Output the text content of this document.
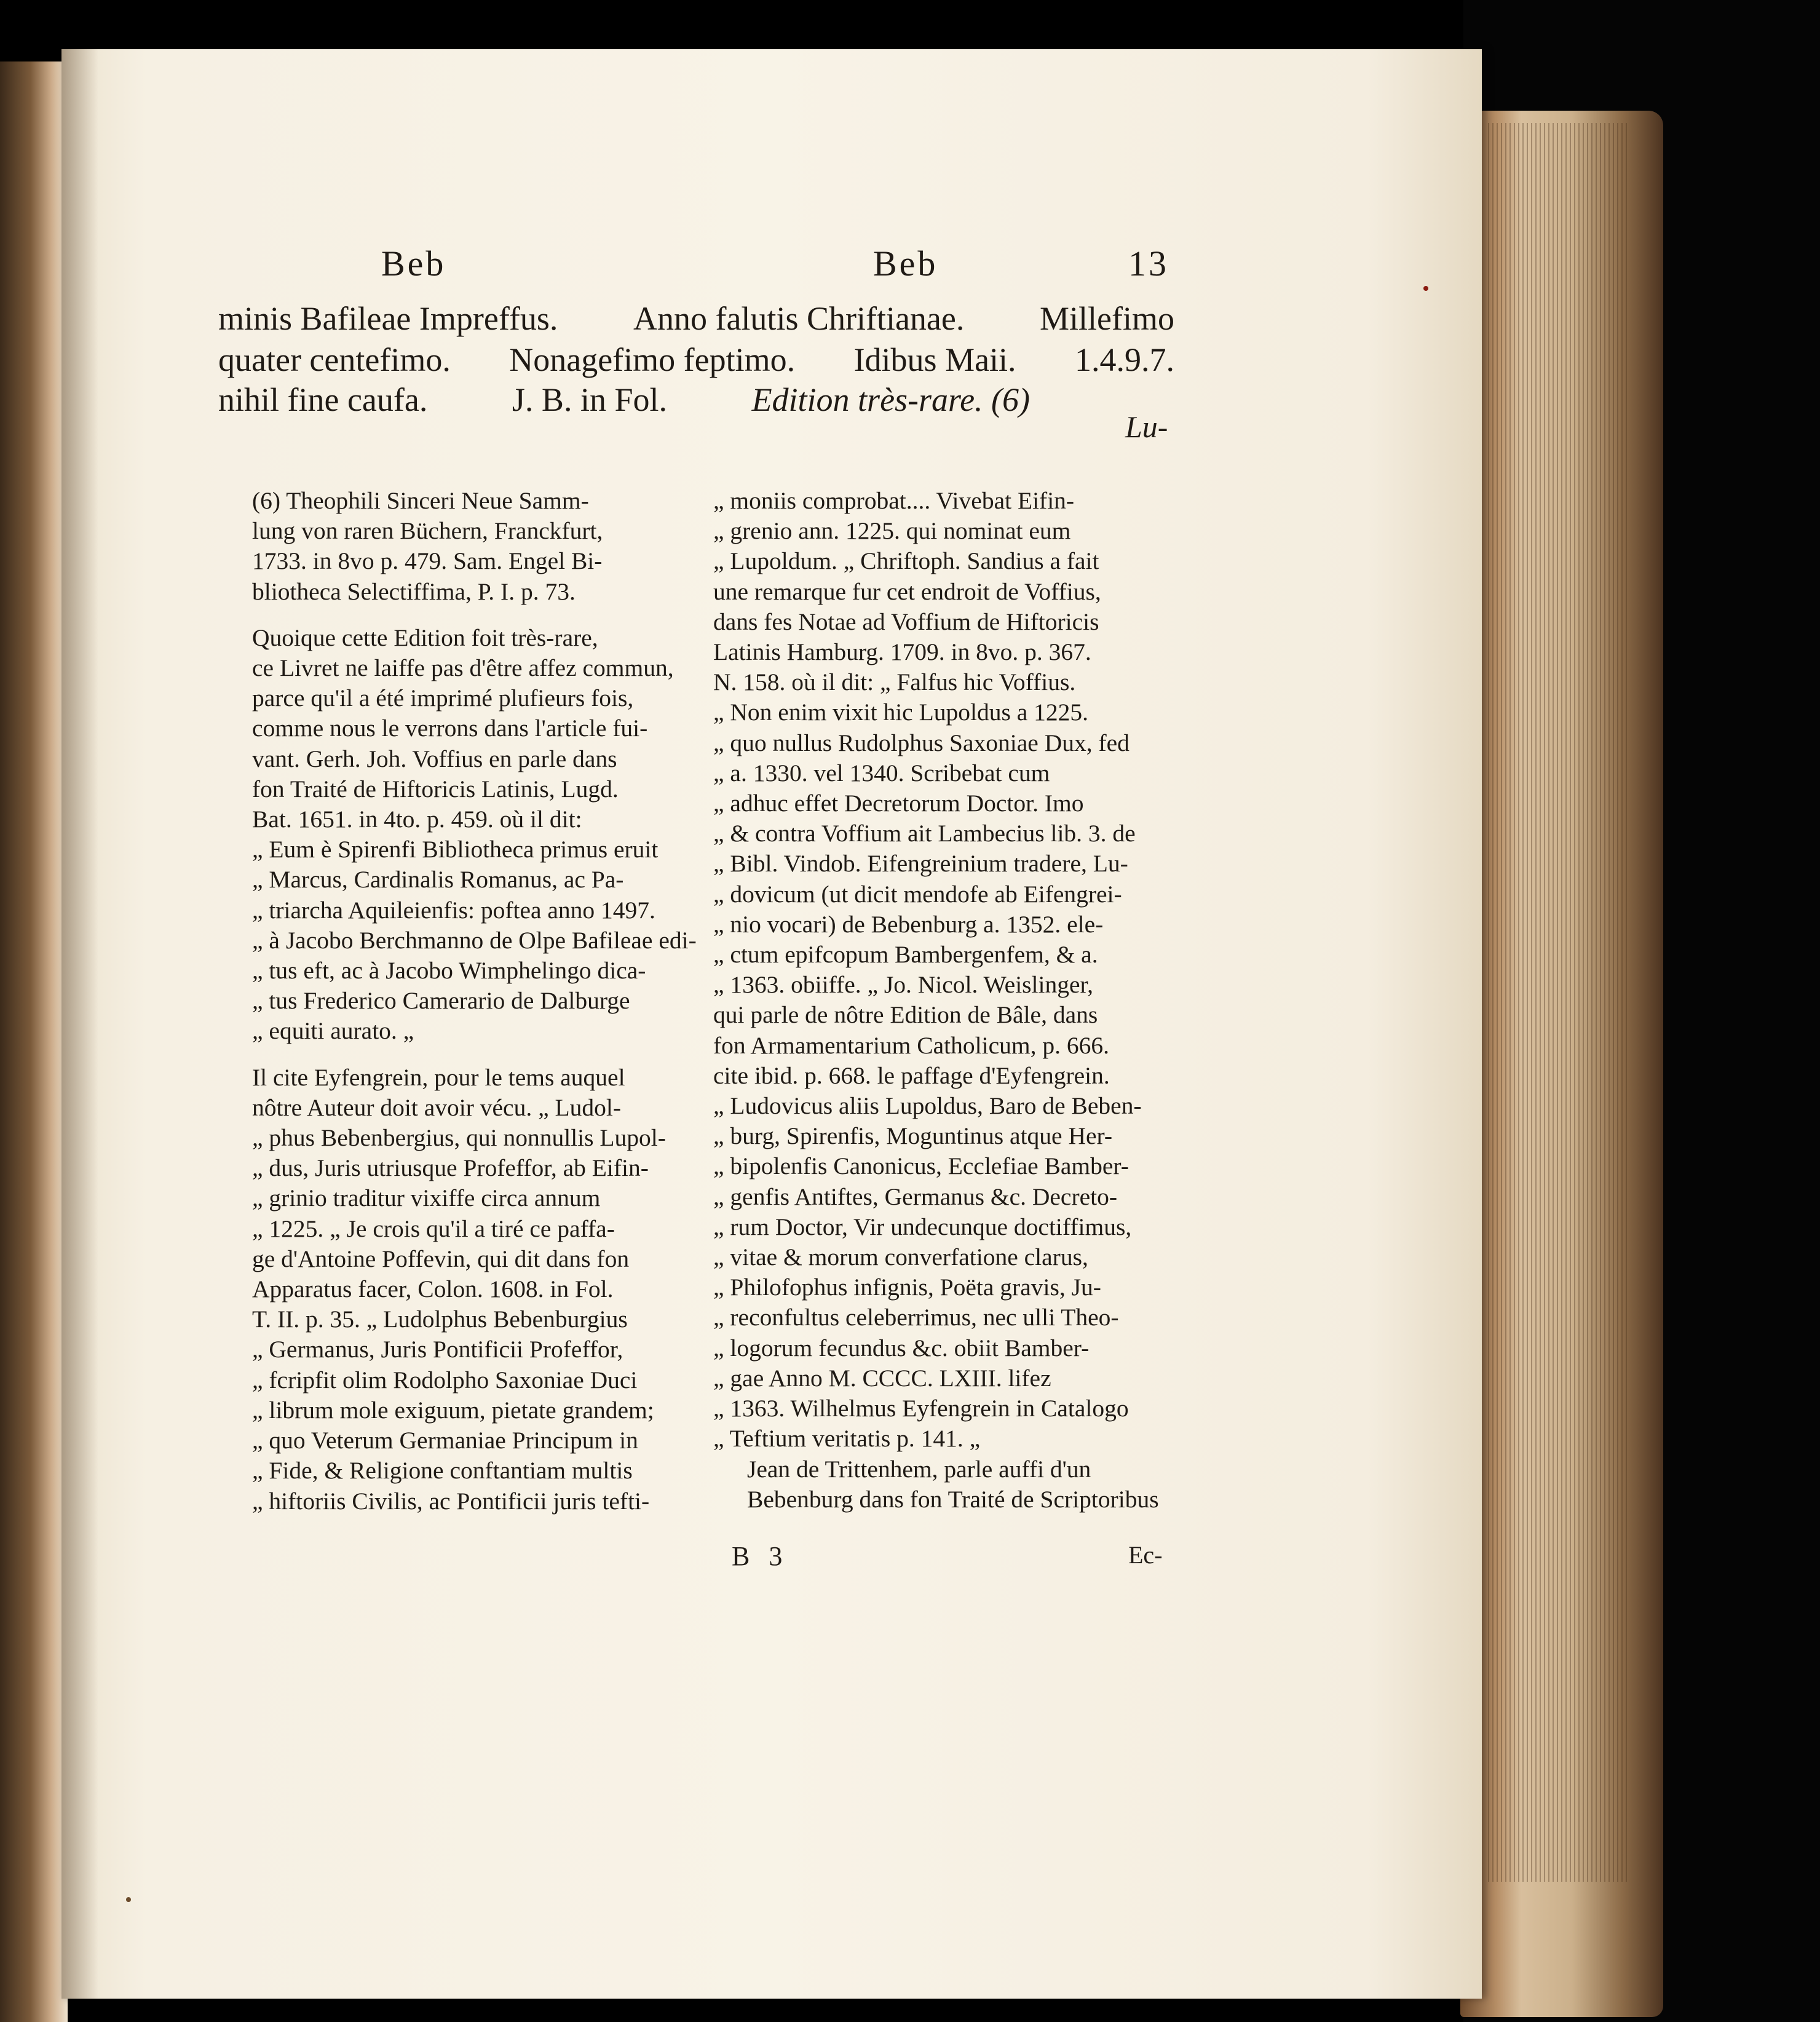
Beb	Beb	13
minis Bafileae Impreffus. Anno falutis Chriftianae. Millefimo
quater centefimo. Nonagefimo feptimo. Idibus Maii. 1.4.9.7.
nihil fine caufa.	J. B. in Fol.	Edition très-rare. (6)
Lu-

(6) Theophili Sinceri Neue Samm-
lung von raren Büchern, Franckfurt,
1733. in 8vo p. 479. Sam. Engel Bi-
bliotheca Selectiffima, P. I. p. 73.

Quoique cette Edition foit très-rare,
ce Livret ne laiffe pas d'être affez commun,
parce qu'il a été imprimé plufieurs fois,
comme nous le verrons dans l'article fui-
vant. Gerh. Joh. Voffius en parle dans
fon Traité de Hiftoricis Latinis, Lugd.
Bat. 1651. in 4to. p. 459. où il dit:
„ Eum è Spirenfi Bibliotheca primus eruit
„ Marcus, Cardinalis Romanus, ac Pa-
„ triarcha Aquileienfis: poftea anno 1497.
„ à Jacobo Berchmanno de Olpe Bafileae edi-
„ tus eft, ac à Jacobo Wimphelingo dica-
„ tus Frederico Camerario de Dalburge
„ equiti aurato. „

Il cite Eyfengrein, pour le tems auquel
nôtre Auteur doit avoir vécu. „ Ludol-
„ phus Bebenbergius, qui nonnullis Lupol-
„ dus, Juris utriusque Profeffor, ab Eifin-
„ grinio traditur vixiffe circa annum
„ 1225. „ Je crois qu'il a tiré ce paffa-
ge d'Antoine Poffevin, qui dit dans fon
Apparatus facer, Colon. 1608. in Fol.
T. II. p. 35. „ Ludolphus Bebenburgius
„ Germanus, Juris Pontificii Profeffor,
„ fcripfit olim Rodolpho Saxoniae Duci
„ librum mole exiguum, pietate grandem;
„ quo Veterum Germaniae Principum in
„ Fide, & Religione conftantiam multis
„ hiftoriis Civilis, ac Pontificii juris tefti-

„ moniis comprobat.... Vivebat Eifin-
„ grenio ann. 1225. qui nominat eum
„ Lupoldum. „ Chriftoph. Sandius a fait
une remarque fur cet endroit de Voffius,
dans fes Notae ad Voffium de Hiftoricis
Latinis Hamburg. 1709. in 8vo. p. 367.
N. 158. où il dit: „ Falfus hic Voffius.
„ Non enim vixit hic Lupoldus a 1225.
„ quo nullus Rudolphus Saxoniae Dux, fed
„ a. 1330. vel 1340. Scribebat cum
„ adhuc effet Decretorum Doctor. Imo
„ & contra Voffium ait Lambecius lib. 3. de
„ Bibl. Vindob. Eifengreinium tradere, Lu-
„ dovicum (ut dicit mendofe ab Eifengrei-
„ nio vocari) de Bebenburg a. 1352. ele-
„ ctum epifcopum Bambergenfem, & a.
„ 1363. obiiffe. „ Jo. Nicol. Weislinger,
qui parle de nôtre Edition de Bâle, dans
fon Armamentarium Catholicum, p. 666.
cite ibid. p. 668. le paffage d'Eyfengrein.
„ Ludovicus aliis Lupoldus, Baro de Beben-
„ burg, Spirenfis, Moguntinus atque Her-
„ bipolenfis Canonicus, Ecclefiae Bamber-
„ genfis Antiftes, Germanus &c. Decreto-
„ rum Doctor, Vir undecunque doctiffimus,
„ vitae & morum converfatione clarus,
„ Philofophus infignis, Poëta gravis, Ju-
„ reconfultus celeberrimus, nec ulli Theo-
„ logorum fecundus &c. obiit Bamber-
„ gae Anno M. CCCC. LXIII. lifez
„ 1363. Wilhelmus Eyfengrein in Catalogo
„ Teftium veritatis p. 141. „

Jean de Trittenhem, parle auffi d'un
Bebenburg dans fon Traité de Scriptoribus

B 3	Ec-
